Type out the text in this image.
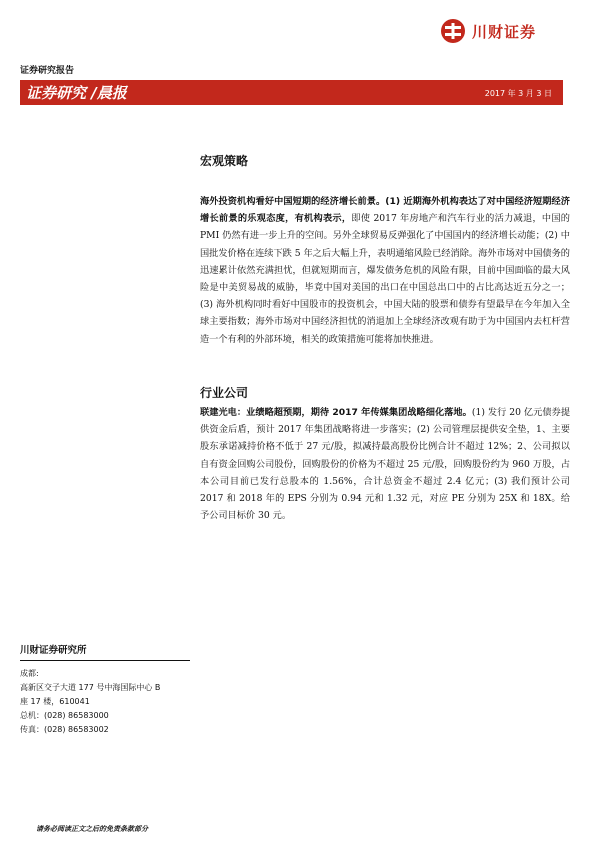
川财证券
证券研究报告
证券研究 /晨报	2017 年 3 月 3 日
宏观策略
海外投资机构看好中国短期的经济增长前景。(1) 近期海外机构表达了对中国经济短期经济增长前景的乐观态度，有机构表示，即使 2017 年房地产和汽车行业的活力减退，中国的 PMI 仍然有进一步上升的空间。另外全球贸易反弹强化了中国国内的经济增长动能；(2) 中国批发价格在连续下跌 5 年之后大幅上升，表明通缩风险已经消除。海外市场对中国债务的迅速累计依然充满担忧，但就短期而言，爆发债务危机的风险有限，目前中国面临的最大风险是中美贸易战的威胁，毕竟中国对美国的出口在中国总出口中的占比高达近五分之一；(3) 海外机构同时看好中国股市的投资机会，中国大陆的股票和债券有望最早在今年加入全球主要指数；海外市场对中国经济担忧的消退加上全球经济改观有助于为中国国内去杠杆营造一个有利的外部环境，相关的政策措施可能将加快推进。
行业公司
联建光电：业绩略超预期，期待 2017 年传媒集团战略细化落地。(1) 发行 20 亿元债券提供资金后盾，预计 2017 年集团战略将进一步落实；(2) 公司管理层提供安全垫，1、主要股东承诺减持价格不低于 27 元/股，拟减持最高股份比例合计不超过 12%；2、公司拟以自有资金回购公司股份，回购股份的价格为不超过 25 元/股，回购股份约为 960 万股，占本公司目前已发行总股本的 1.56%，合计总资金不超过 2.4 亿元；(3) 我们预计公司 2017 和 2018 年的 EPS 分别为 0.94 元和 1.32 元，对应 PE 分别为 25X 和 18X。给予公司目标价 30 元。
川财证券研究所
成都:
高新区交子大道 177 号中海国际中心 B
座 17 楼，610041
总机：(028) 86583000
传真：(028) 86583002
请务必阅读正文之后的免责条款部分
